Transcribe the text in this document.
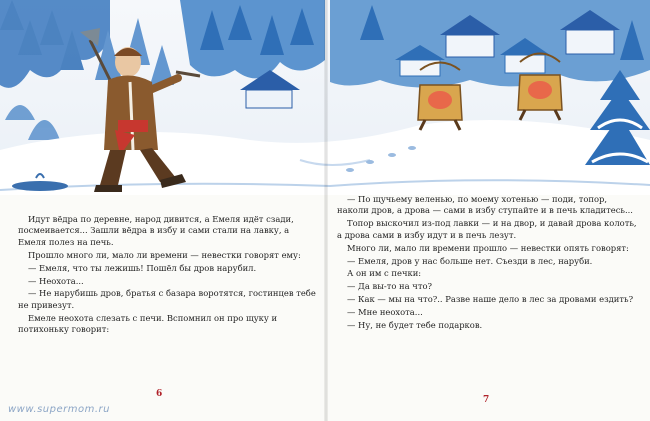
Идут вёдра по деревне, народ дивится, а Емеля идёт сзади, посмеивается... Зашли вёдра в избу и сами стали на лавку, а Емеля полез на печь.

Прошло много ли, мало ли времени — невестки говорят ему:

— Емеля, что ты лежишь! Пошёл бы дров нарубил.

— Неохота...

— Не нарубишь дров, братья с базара воротятся, гостинцев тебе не привезут.

Емеле неохота слезать с печи. Вспомнил он про щуку и потихоньку говорит:

— По щучьему веленью, по моему хотенью — поди, топор, наколи дров, а дрова — сами в избу ступайте и в печь кладитесь...

Топор выскочил из-под лавки — и на двор, и давай дрова колоть, а дрова сами в избу идут и в печь лезут.

Много ли, мало ли времени прошло — невестки опять говорят:

— Емеля, дров у нас больше нет. Съезди в лес, наруби.

А он им с печки:

— Да вы-то на что?

— Как — мы на что?.. Разве наше дело в лес за дровами ездить?

— Мне неохота...

— Ну, не будет тебе подарков.

6
7
www.supermom.ru
